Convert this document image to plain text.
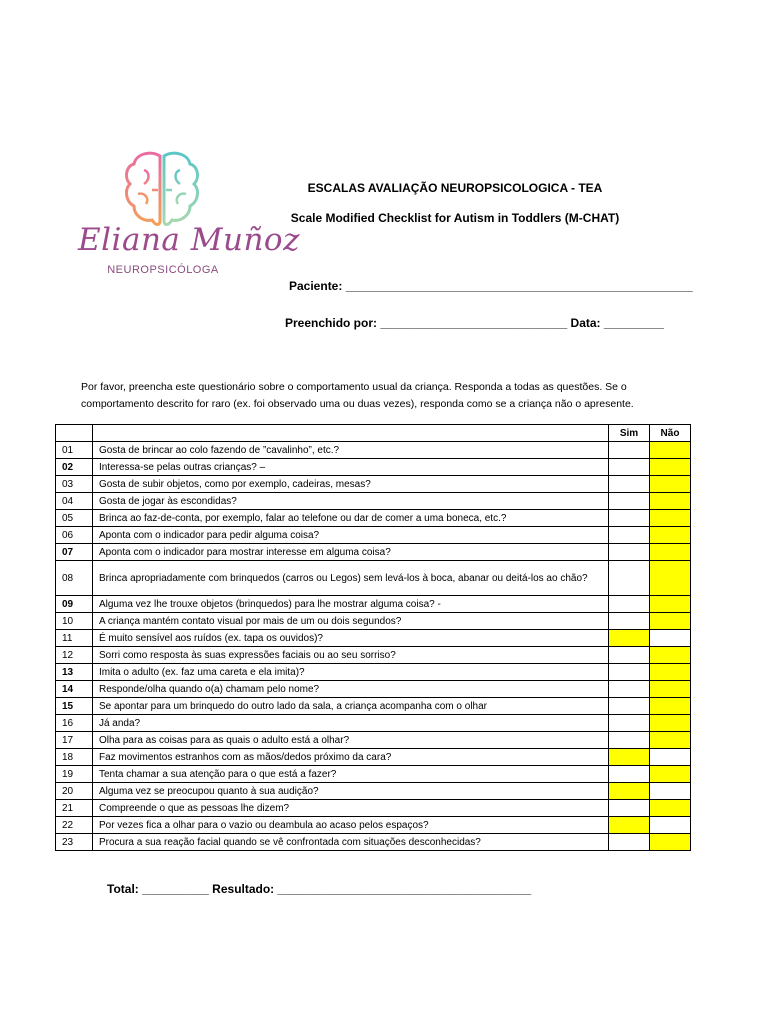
Eliana Muñoz
NEUROPSICÓLOGA
ESCALAS AVALIAÇÃO NEUROPSICOLOGICA - TEA
Scale Modified Checklist for Autism in Toddlers (M-CHAT)
Paciente: ____________________________________________________
Preenchido por: ____________________________ Data: _________
Por favor, preencha este questionário sobre o comportamento usual da criança. Responda a todas as questões. Se o comportamento descrito for raro (ex. foi observado uma ou duas vezes), responda como se a criança não o apresente.
		Sim	Não
01	Gosta de brincar ao colo fazendo de ”cavalinho”, etc.?		
02	Interessa-se pelas outras crianças? –		
03	Gosta de subir objetos, como por exemplo, cadeiras, mesas?		
04	Gosta de jogar às escondidas?		
05	Brinca ao faz-de-conta, por exemplo, falar ao telefone ou dar de comer a uma boneca, etc.?		
06	Aponta com o indicador para pedir alguma coisa?		
07	Aponta com o indicador para mostrar interesse em alguma coisa?		
08	Brinca apropriadamente com brinquedos (carros ou Legos) sem levá-los à boca, abanar ou deitá-los ao chão?		
09	Alguma vez lhe trouxe objetos (brinquedos) para lhe mostrar alguma coisa? -		
10	A criança mantém contato visual por mais de um ou dois segundos?		
11	É muito sensível aos ruídos (ex. tapa os ouvidos)?		
12	Sorri como resposta às suas expressões faciais ou ao seu sorriso?		
13	Imita o adulto (ex. faz uma careta e ela imita)?		
14	Responde/olha quando o(a) chamam pelo nome?		
15	Se apontar para um brinquedo do outro lado da sala, a criança acompanha com o olhar		
16	Já anda?		
17	Olha para as coisas para as quais o adulto está a olhar?		
18	Faz movimentos estranhos com as mãos/dedos próximo da cara?		
19	Tenta chamar a sua atenção para o que está a fazer?		
20	Alguma vez se preocupou quanto à sua audição?		
21	Compreende o que as pessoas lhe dizem?		
22	Por vezes fica a olhar para o vazio ou deambula ao acaso pelos espaços?		
23	Procura a sua reação facial quando se vê confrontada com situações desconhecidas?		
Total: __________ Resultado: ______________________________________
